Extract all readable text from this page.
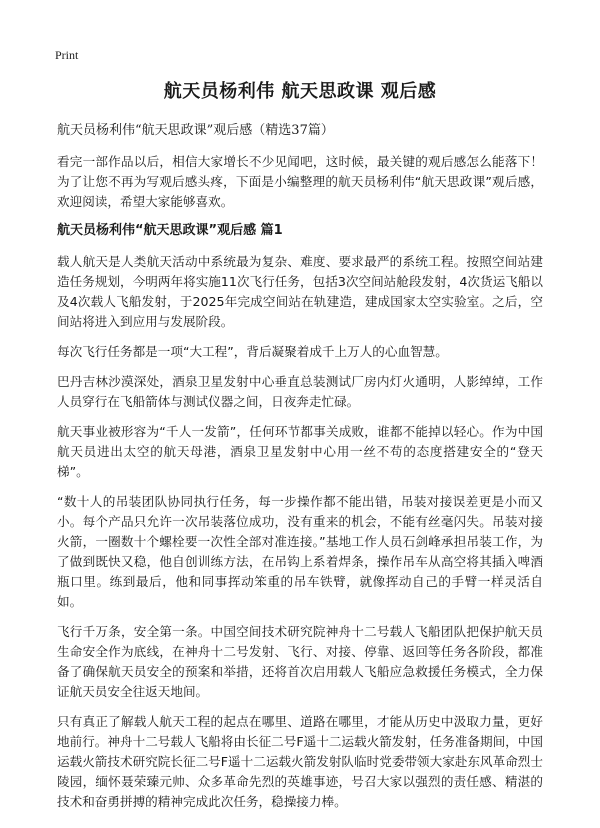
Print
航天员杨利伟 航天思政课 观后感
航天员杨利伟“航天思政课”观后感（精选37篇）

看完一部作品以后，相信大家增长不少见闻吧，这时候，最关键的观后感怎么能落下！为了让您不再为写观后感头疼，下面是小编整理的航天员杨利伟“航天思政课”观后感，欢迎阅读，希望大家能够喜欢。

航天员杨利伟“航天思政课”观后感 篇1

载人航天是人类航天活动中系统最为复杂、难度、要求最严的系统工程。按照空间站建造任务规划，今明两年将实施11次飞行任务，包括3次空间站舱段发射，4次货运飞船以及4次载人飞船发射，于2025年完成空间站在轨建造，建成国家太空实验室。之后，空间站将进入到应用与发展阶段。

每次飞行任务都是一项“大工程”，背后凝聚着成千上万人的心血智慧。

巴丹吉林沙漠深处，酒泉卫星发射中心垂直总装测试厂房内灯火通明，人影绰绰，工作人员穿行在飞船箭体与测试仪器之间，日夜奔走忙碌。

航天事业被形容为“千人一发箭”，任何环节都事关成败，谁都不能掉以轻心。作为中国航天员进出太空的航天母港，酒泉卫星发射中心用一丝不苟的态度搭建安全的“登天梯”。

“数十人的吊装团队协同执行任务，每一步操作都不能出错，吊装对接误差更是小而又小。每个产品只允许一次吊装落位成功，没有重来的机会，不能有丝毫闪失。吊装对接火箭，一圈数十个螺栓要一次性全部对准连接。”基地工作人员石剑峰承担吊装工作，为了做到既快又稳，他自创训练方法，在吊钩上系着焊条，操作吊车从高空将其插入啤酒瓶口里。练到最后，他和同事挥动笨重的吊车铁臂，就像挥动自己的手臂一样灵活自如。

飞行千万条，安全第一条。中国空间技术研究院神舟十二号载人飞船团队把保护航天员生命安全作为底线，在神舟十二号发射、飞行、对接、停靠、返回等任务各阶段，都准备了确保航天员安全的预案和举措，还将首次启用载人飞船应急救援任务模式，全力保证航天员安全往返天地间。

只有真正了解载人航天工程的起点在哪里、道路在哪里，才能从历史中汲取力量，更好地前行。神舟十二号载人飞船将由长征二号F遥十二运载火箭发射，任务准备期间，中国运载火箭技术研究院长征二号F遥十二运载火箭发射队临时党委带领大家赴东风革命烈士陵园，缅怀聂荣臻元帅、众多革命先烈的英雄事迹，号召大家以强烈的责任感、精湛的技术和奋勇拼搏的精神完成此次任务，稳操接力棒。
